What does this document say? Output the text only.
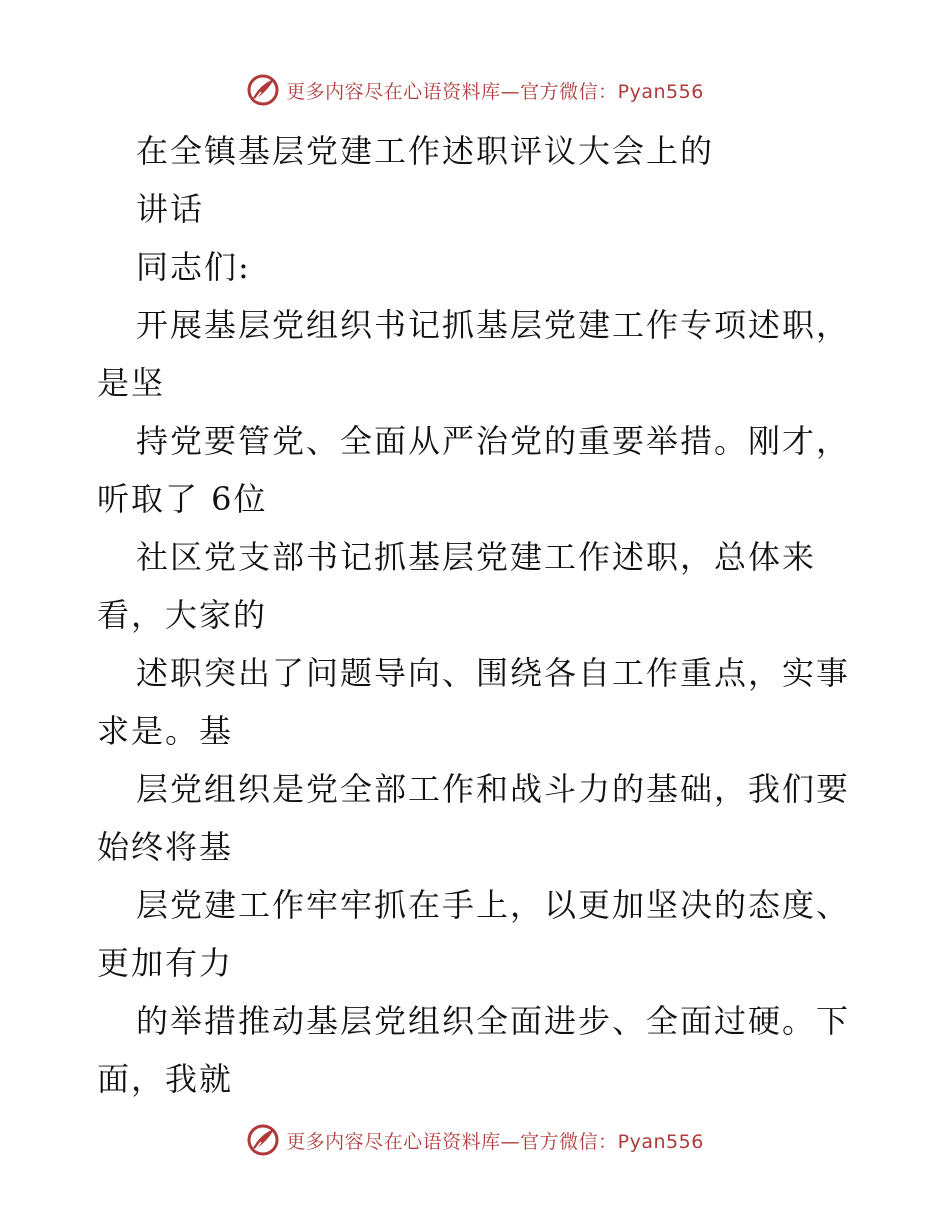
更多内容尽在心语资料库—官方微信：Pyan556
在全镇基层党建工作述职评议大会上的
讲话
同志们:
开展基层党组织书记抓基层党建工作专项述职，
是坚
持党要管党、全面从严治党的重要举措。刚才，
听取了 6位
社区党支部书记抓基层党建工作述职，总体来
看，大家的
述职突出了问题导向、围绕各自工作重点，实事
求是。基
层党组织是党全部工作和战斗力的基础，我们要
始终将基
层党建工作牢牢抓在手上，以更加坚决的态度、
更加有力
的举措推动基层党组织全面进步、全面过硬。下
面，我就
更多内容尽在心语资料库—官方微信：Pyan556
